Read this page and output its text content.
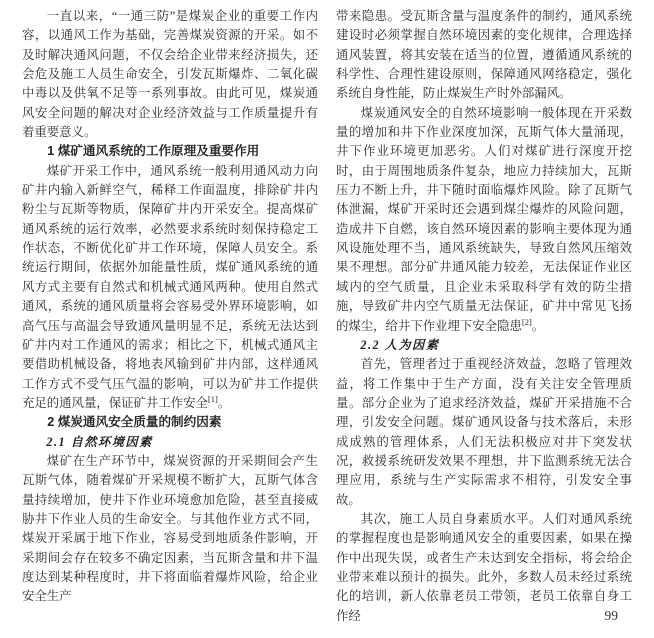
一直以来，“一通三防”是煤炭企业的重要工作内容，以通风工作为基础，完善煤炭资源的开采。如不及时解决通风问题，不仅会给企业带来经济损失，还会危及施工人员生命安全，引发瓦斯爆炸、二氧化碳中毒以及供氧不足等一系列事故。由此可见，煤炭通风安全问题的解决对企业经济效益与工作质量提升有着重要意义。

1 煤矿通风系统的工作原理及重要作用

煤矿开采工作中，通风系统一般利用通风动力向矿井内输入新鲜空气，稀释工作面温度，排除矿井内粉尘与瓦斯等物质，保障矿井内开采安全。提高煤矿通风系统的运行效率，必然要求系统时刻保持稳定工作状态，不断优化矿井工作环境，保障人员安全。系统运行期间，依据外加能量性质，煤矿通风系统的通风方式主要有自然式和机械式通风两种。使用自然式通风，系统的通风质量将会容易受外界环境影响，如高气压与高温会导致通风量明显不足，系统无法达到矿井内对工作通风的需求；相比之下，机械式通风主要借助机械设备，将地表风输到矿井内部，这样通风工作方式不受气压气温的影响，可以为矿井工作提供充足的通风量，保证矿井工作安全[1]。

2 煤炭通风安全质量的制约因素

2.1 自然环境因素

煤矿在生产环节中，煤炭资源的开采期间会产生瓦斯气体，随着煤矿开采规模不断扩大，瓦斯气体含量持续增加，使井下作业环境愈加危险，甚至直接威胁井下作业人员的生命安全。与其他作业方式不同，煤炭开采属于地下作业，容易受到地质条件影响，开采期间会存在较多不确定因素，当瓦斯含量和井下温度达到某种程度时，井下将面临着爆炸风险，给企业安全生产

带来隐患。受瓦斯含量与温度条件的制约，通风系统建设时必须掌握自然环境因素的变化规律，合理选择通风装置，将其安装在适当的位置，遵循通风系统的科学性、合理性建设原则，保障通风网络稳定，强化系统自身性能，防止煤炭生产时外部漏风。

煤炭通风安全的自然环境影响一般体现在开采数量的增加和井下作业深度加深，瓦斯气体大量涌现，井下作业环境更加恶劣。人们对煤矿进行深度开挖时，由于周围地质条件复杂，地应力持续加大，瓦斯压力不断上升，井下随时面临爆炸风险。除了瓦斯气体泄漏，煤矿开采时还会遇到煤尘爆炸的风险问题，造成井下自燃，该自然环境因素的影响主要体现为通风设施处理不当，通风系统缺失，导致自然风压缩效果不理想。部分矿井通风能力较差，无法保证作业区域内的空气质量，且企业未采取科学有效的防尘措施，导致矿井内空气质量无法保证，矿井中常见飞扬的煤尘，给井下作业埋下安全隐患[2]。

2.2 人为因素

首先，管理者过于重视经济效益，忽略了管理效益，将工作集中于生产方面，没有关注安全管理质量。部分企业为了追求经济效益，煤矿开采措施不合理，引发安全问题。煤矿通风设备与技术落后，未形成成熟的管理体系，人们无法积极应对井下突发状况，救援系统研发效果不理想，井下监测系统无法合理应用，系统与生产实际需求不相符，引发安全事故。

其次，施工人员自身素质水平。人们对通风系统的掌握程度也是影响通风安全的重要因素，如果在操作中出现失误，或者生产未达到安全指标，将会给企业带来难以预计的损失。此外，多数人员未经过系统化的培训，新人依靠老员工带领，老员工依靠自身工作经	99
